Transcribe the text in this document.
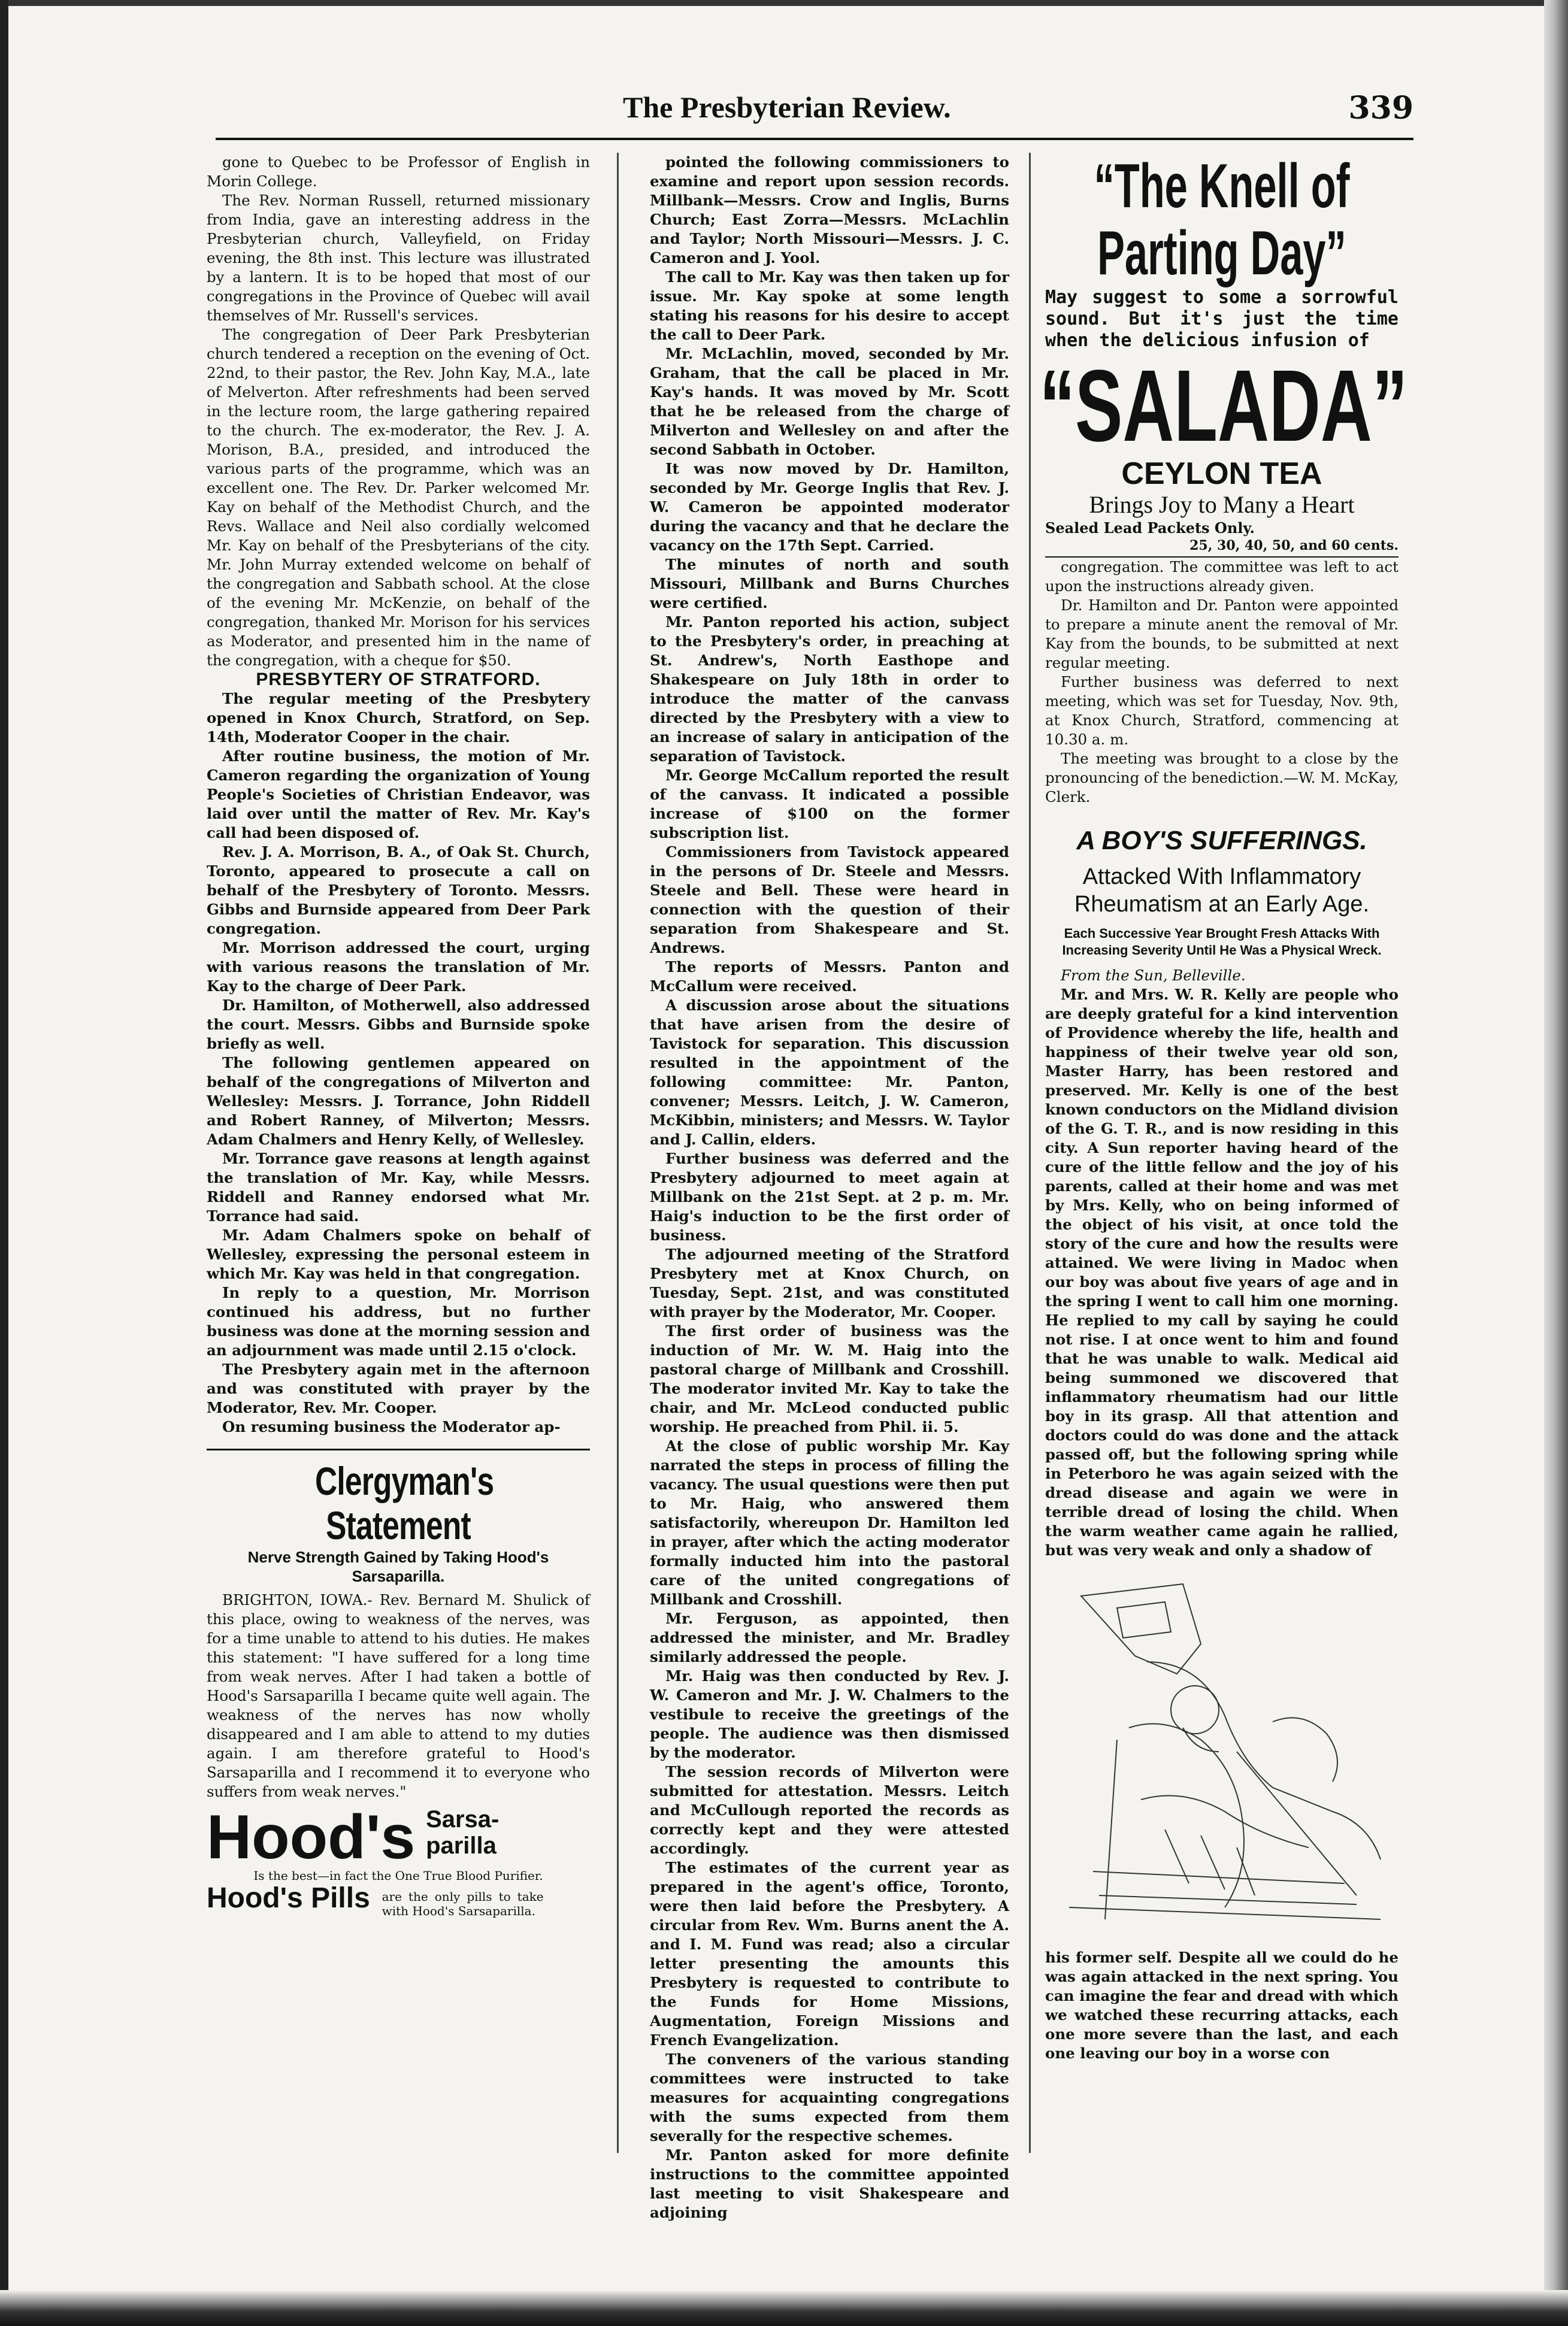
The Presbyterian Review.	339

gone to Quebec to be Professor of English in Morin College.

The Rev. Norman Russell, returned missionary from India, gave an interesting address in the Presbyterian church, Valleyfield, on Friday evening, the 8th inst. This lecture was illustrated by a lantern. It is to be hoped that most of our congregations in the Province of Quebec will avail themselves of Mr. Russell's services.

The congregation of Deer Park Presbyterian church tendered a reception on the evening of Oct. 22nd, to their pastor, the Rev. John Kay, M.A., late of Melverton. After refreshments had been served in the lecture room, the large gathering repaired to the church. The ex-moderator, the Rev. J. A. Morison, B.A., presided, and introduced the various parts of the programme, which was an excellent one. The Rev. Dr. Parker welcomed Mr. Kay on behalf of the Methodist Church, and the Revs. Wallace and Neil also cordially welcomed Mr. Kay on behalf of the Presbyterians of the city. Mr. John Murray extended welcome on behalf of the congregation and Sabbath school. At the close of the evening Mr. McKenzie, on behalf of the congregation, thanked Mr. Morison for his services as Moderator, and presented him in the name of the congregation, with a cheque for $50.

PRESBYTERY OF STRATFORD.

The regular meeting of the Presbytery opened in Knox Church, Stratford, on Sep. 14th, Moderator Cooper in the chair.

After routine business, the motion of Mr. Cameron regarding the organization of Young People's Societies of Christian Endeavor, was laid over until the matter of Rev. Mr. Kay's call had been disposed of.

Rev. J. A. Morrison, B. A., of Oak St. Church, Toronto, appeared to prosecute a call on behalf of the Presbytery of Toronto. Messrs. Gibbs and Burnside appeared from Deer Park congregation.

Mr. Morrison addressed the court, urging with various reasons the translation of Mr. Kay to the charge of Deer Park.

Dr. Hamilton, of Motherwell, also addressed the court. Messrs. Gibbs and Burnside spoke briefly as well.

The following gentlemen appeared on behalf of the congregations of Milverton and Wellesley: Messrs. J. Torrance, John Riddell and Robert Ranney, of Milverton; Messrs. Adam Chalmers and Henry Kelly, of Wellesley.

Mr. Torrance gave reasons at length against the translation of Mr. Kay, while Messrs. Riddell and Ranney endorsed what Mr. Torrance had said.

Mr. Adam Chalmers spoke on behalf of Wellesley, expressing the personal esteem in which Mr. Kay was held in that congregation.

In reply to a question, Mr. Morrison continued his address, but no further business was done at the morning session and an adjournment was made until 2.15 o'clock.

The Presbytery again met in the afternoon and was constituted with prayer by the Moderator, Rev. Mr. Cooper.

On resuming business the Moderator ap-

Clergyman's Statement

Nerve Strength Gained by Taking Hood's Sarsaparilla.

BRIGHTON, IOWA.- Rev. Bernard M. Shulick of this place, owing to weakness of the nerves, was for a time unable to attend to his duties. He makes this statement: "I have suffered for a long time from weak nerves. After I had taken a bottle of Hood's Sarsaparilla I became quite well again. The weakness of the nerves has now wholly disappeared and I am able to attend to my duties again. I am therefore grateful to Hood's Sarsaparilla and I recommend it to everyone who suffers from weak nerves."

Hood's Sarsa-
parilla
Is the best—in fact the One True Blood Purifier.
Hood's Pills are the only pills to take with Hood's Sarsaparilla.

pointed the following commissioners to examine and report upon session records. Millbank—Messrs. Crow and Inglis, Burns Church; East Zorra—Messrs. McLachlin and Taylor; North Missouri—Messrs. J. C. Cameron and J. Yool.

The call to Mr. Kay was then taken up for issue. Mr. Kay spoke at some length stating his reasons for his desire to accept the call to Deer Park.

Mr. McLachlin, moved, seconded by Mr. Graham, that the call be placed in Mr. Kay's hands. It was moved by Mr. Scott that he be released from the charge of Milverton and Wellesley on and after the second Sabbath in October.

It was now moved by Dr. Hamilton, seconded by Mr. George Inglis that Rev. J. W. Cameron be appointed moderator during the vacancy and that he declare the vacancy on the 17th Sept. Carried.

The minutes of north and south Missouri, Millbank and Burns Churches were certified.

Mr. Panton reported his action, subject to the Presbytery's order, in preaching at St. Andrew's, North Easthope and Shakespeare on July 18th in order to introduce the matter of the canvass directed by the Presbytery with a view to an increase of salary in anticipation of the separation of Tavistock.

Mr. George McCallum reported the result of the canvass. It indicated a possible increase of $100 on the former subscription list.

Commissioners from Tavistock appeared in the persons of Dr. Steele and Messrs. Steele and Bell. These were heard in connection with the question of their separation from Shakespeare and St. Andrews.

The reports of Messrs. Panton and McCallum were received.

A discussion arose about the situations that have arisen from the desire of Tavistock for separation. This discussion resulted in the appointment of the following committee: Mr. Panton, convener; Messrs. Leitch, J. W. Cameron, McKibbin, ministers; and Messrs. W. Taylor and J. Callin, elders.

Further business was deferred and the Presbytery adjourned to meet again at Millbank on the 21st Sept. at 2 p. m. Mr. Haig's induction to be the first order of business.

The adjourned meeting of the Stratford Presbytery met at Knox Church, on Tuesday, Sept. 21st, and was constituted with prayer by the Moderator, Mr. Cooper.

The first order of business was the induction of Mr. W. M. Haig into the pastoral charge of Millbank and Crosshill. The moderator invited Mr. Kay to take the chair, and Mr. McLeod conducted public worship. He preached from Phil. ii. 5.

At the close of public worship Mr. Kay narrated the steps in process of filling the vacancy. The usual questions were then put to Mr. Haig, who answered them satisfactorily, whereupon Dr. Hamilton led in prayer, after which the acting moderator formally inducted him into the pastoral care of the united congregations of Millbank and Crosshill.

Mr. Ferguson, as appointed, then addressed the minister, and Mr. Bradley similarly addressed the people.

Mr. Haig was then conducted by Rev. J. W. Cameron and Mr. J. W. Chalmers to the vestibule to receive the greetings of the people. The audience was then dismissed by the moderator.

The session records of Milverton were submitted for attestation. Messrs. Leitch and McCullough reported the records as correctly kept and they were attested accordingly.

The estimates of the current year as prepared in the agent's office, Toronto, were then laid before the Presbytery. A circular from Rev. Wm. Burns anent the A. and I. M. Fund was read; also a circular letter presenting the amounts this Presbytery is requested to contribute to the Funds for Home Missions, Augmentation, Foreign Missions and French Evangelization.

The conveners of the various standing committees were instructed to take measures for acquainting congregations with the sums expected from them severally for the respective schemes.

Mr. Panton asked for more definite instructions to the committee appointed last meeting to visit Shakespeare and adjoining

“The Knell of Parting Day”
May suggest to some a sorrowful sound. But it's just the time when the delicious infusion of
“SALADA”
CEYLON TEA
Brings Joy to Many a Heart
Sealed Lead Packets Only.
25, 30, 40, 50, and 60 cents.

congregation. The committee was left to act upon the instructions already given.

Dr. Hamilton and Dr. Panton were appointed to prepare a minute anent the removal of Mr. Kay from the bounds, to be submitted at next regular meeting.

Further business was deferred to next meeting, which was set for Tuesday, Nov. 9th, at Knox Church, Stratford, commencing at 10.30 a. m.

The meeting was brought to a close by the pronouncing of the benediction.—W. M. McKay, Clerk.

A BOY'S SUFFERINGS.
Attacked With Inflammatory Rheumatism at an Early Age.
Each Successive Year Brought Fresh Attacks With Increasing Severity Until He Was a Physical Wreck.

From the Sun, Belleville.

Mr. and Mrs. W. R. Kelly are people who are deeply grateful for a kind intervention of Providence whereby the life, health and happiness of their twelve year old son, Master Harry, has been restored and preserved. Mr. Kelly is one of the best known conductors on the Midland division of the G. T. R., and is now residing in this city. A Sun reporter having heard of the cure of the little fellow and the joy of his parents, called at their home and was met by Mrs. Kelly, who on being informed of the object of his visit, at once told the story of the cure and how the results were attained. We were living in Madoc when our boy was about five years of age and in the spring I went to call him one morning. He replied to my call by saying he could not rise. I at once went to him and found that he was unable to walk. Medical aid being summoned we discovered that inflammatory rheumatism had our little boy in its grasp. All that attention and doctors could do was done and the attack passed off, but the following spring while in Peterboro he was again seized with the dread disease and again we were in terrible dread of losing the child. When the warm weather came again he rallied, but was very weak and only a shadow of

his former self. Despite all we could do he was again attacked in the next spring. You can imagine the fear and dread with which we watched these recurring attacks, each one more severe than the last, and each one leaving our boy in a worse con
